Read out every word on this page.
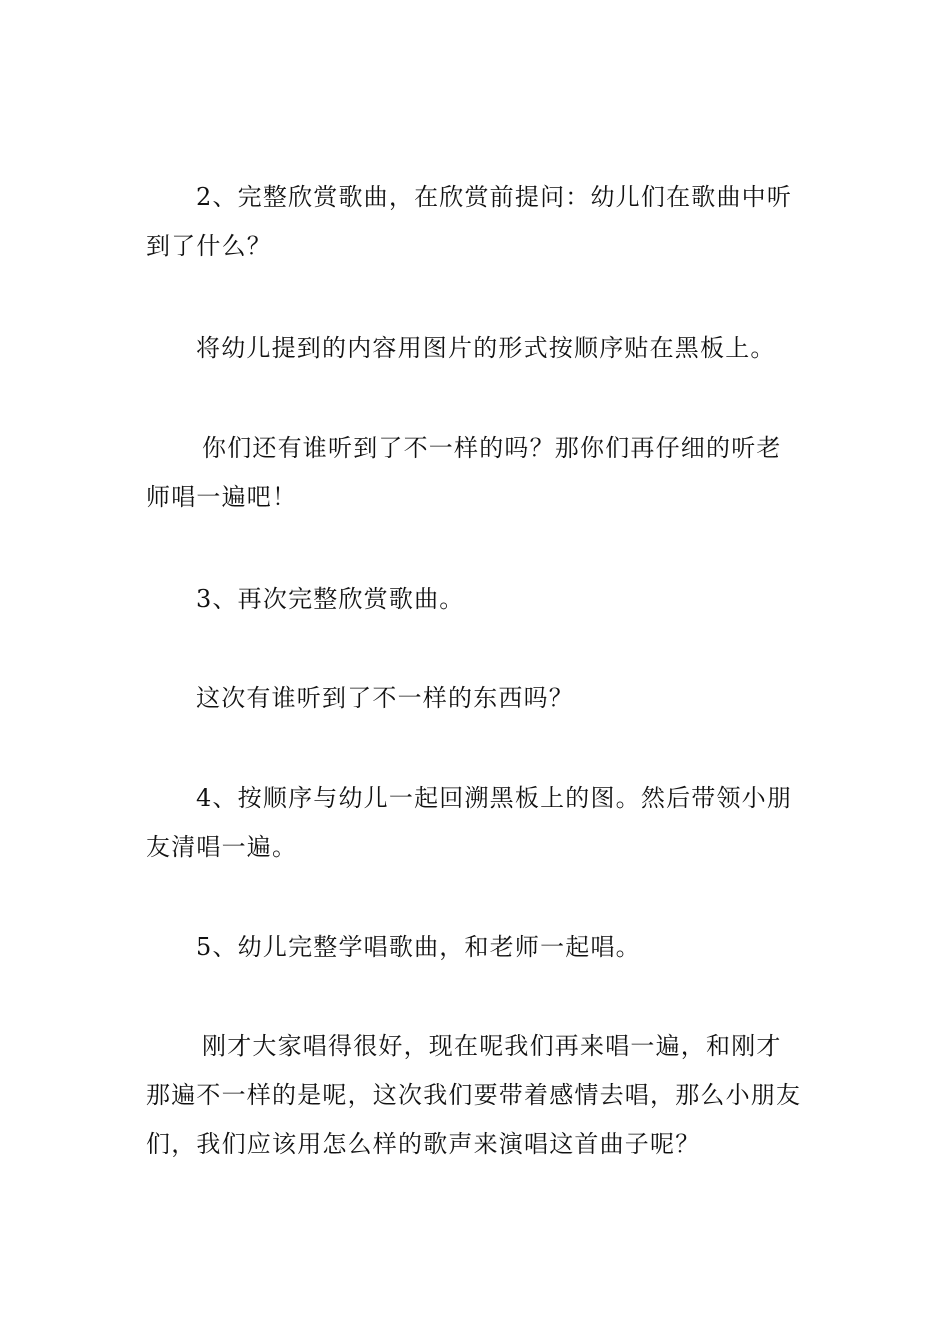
2、完整欣赏歌曲，在欣赏前提问：幼儿们在歌曲中听到了什么？

将幼儿提到的内容用图片的形式按顺序贴在黑板上。

你们还有谁听到了不一样的吗？那你们再仔细的听老师唱一遍吧！

3、再次完整欣赏歌曲。

这次有谁听到了不一样的东西吗？

4、按顺序与幼儿一起回溯黑板上的图。然后带领小朋友清唱一遍。

5、幼儿完整学唱歌曲，和老师一起唱。

刚才大家唱得很好，现在呢我们再来唱一遍，和刚才那遍不一样的是呢，这次我们要带着感情去唱，那么小朋友们，我们应该用怎么样的歌声来演唱这首曲子呢？
